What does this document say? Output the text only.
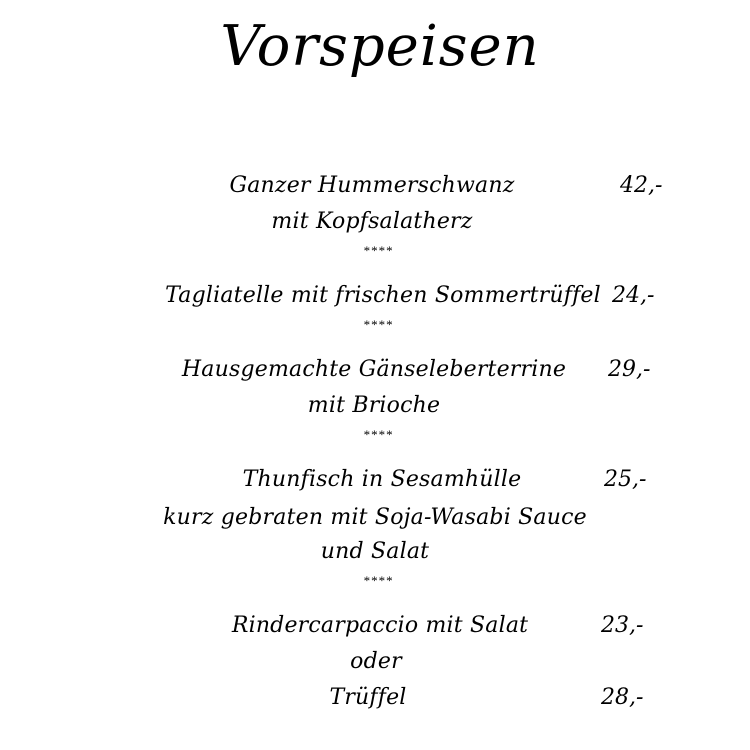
Vorspeisen
Ganzer Hummerschwanz	42,-
mit Kopfsalatherz
****
Tagliatelle mit frischen Sommertrüffel 24,-
****
Hausgemachte Gänseleberterrine 29,-
mit Brioche
****
Thunfisch in Sesamhülle	25,-
kurz gebraten mit Soja-Wasabi Sauce
und Salat
****
Rindercarpaccio mit Salat	23,-
oder
Trüffel	28,-
